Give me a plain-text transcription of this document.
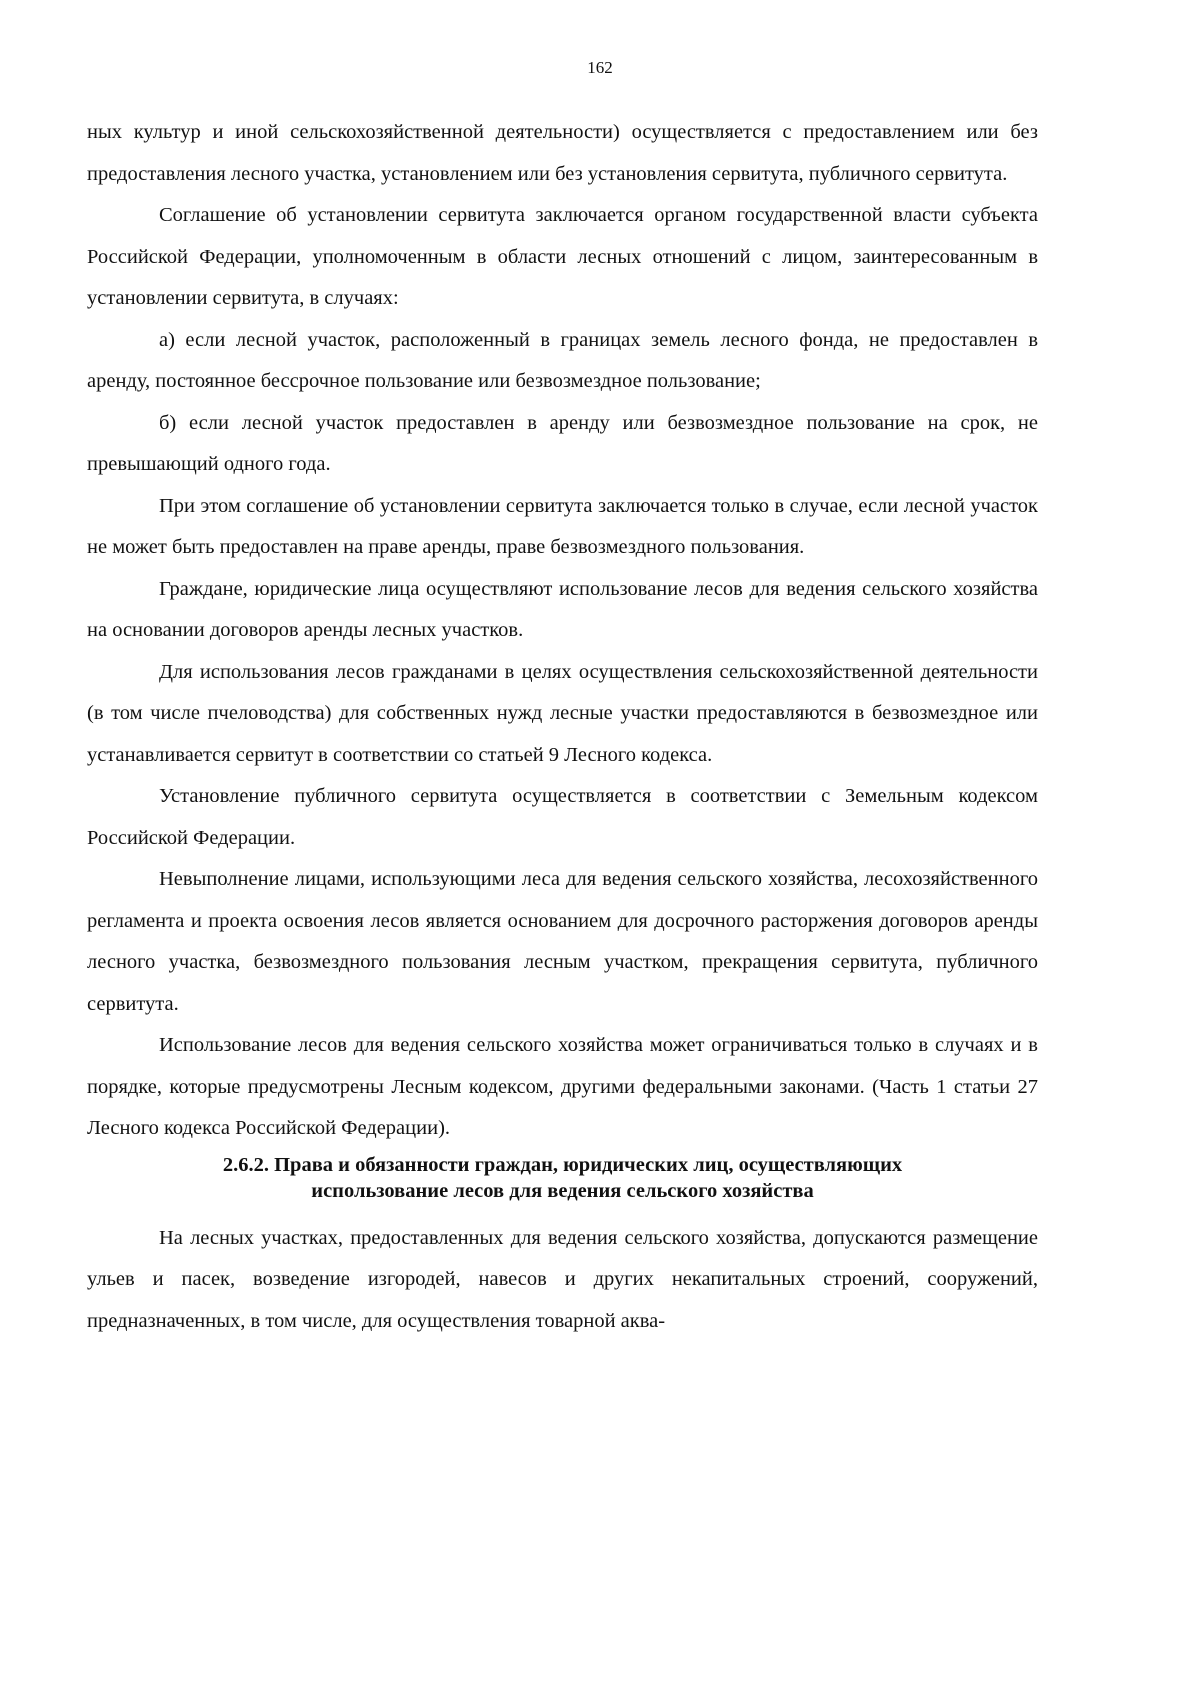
162

ных культур и иной сельскохозяйственной деятельности) осуществляется с предоставлением или без предоставления лесного участка, установлением или без установления сервитута, публичного сервитута.

Соглашение об установлении сервитута заключается органом государственной власти субъекта Российской Федерации, уполномоченным в области лесных отношений с лицом, заинтересованным в установлении сервитута, в случаях:

а) если лесной участок, расположенный в границах земель лесного фонда, не предоставлен в аренду, постоянное бессрочное пользование или безвозмездное пользование;

б) если лесной участок предоставлен в аренду или безвозмездное пользование на срок, не превышающий одного года.

При этом соглашение об установлении сервитута заключается только в случае, если лесной участок не может быть предоставлен на праве аренды, праве безвозмездного пользования.

Граждане, юридические лица осуществляют использование лесов для ведения сельского хозяйства на основании договоров аренды лесных участков.

Для использования лесов гражданами в целях осуществления сельскохозяйственной деятельности (в том числе пчеловодства) для собственных нужд лесные участки предоставляются в безвозмездное или устанавливается сервитут в соответствии со статьей 9 Лесного кодекса.

Установление публичного сервитута осуществляется в соответствии с Земельным кодексом Российской Федерации.

Невыполнение лицами, использующими леса для ведения сельского хозяйства, лесохозяйственного регламента и проекта освоения лесов является основанием для досрочного расторжения договоров аренды лесного участка, безвозмездного пользования лесным участком, прекращения сервитута, публичного сервитута.

Использование лесов для ведения сельского хозяйства может ограничиваться только в случаях и в порядке, которые предусмотрены Лесным кодексом, другими федеральными законами. (Часть 1 статьи 27 Лесного кодекса Российской Федерации).

2.6.2. Права и обязанности граждан, юридических лиц, осуществляющих
использование лесов для ведения сельского хозяйства

На лесных участках, предоставленных для ведения сельского хозяйства, допускаются размещение ульев и пасек, возведение изгородей, навесов и других некапитальных строений, сооружений, предназначенных, в том числе, для осуществления товарной аква-
